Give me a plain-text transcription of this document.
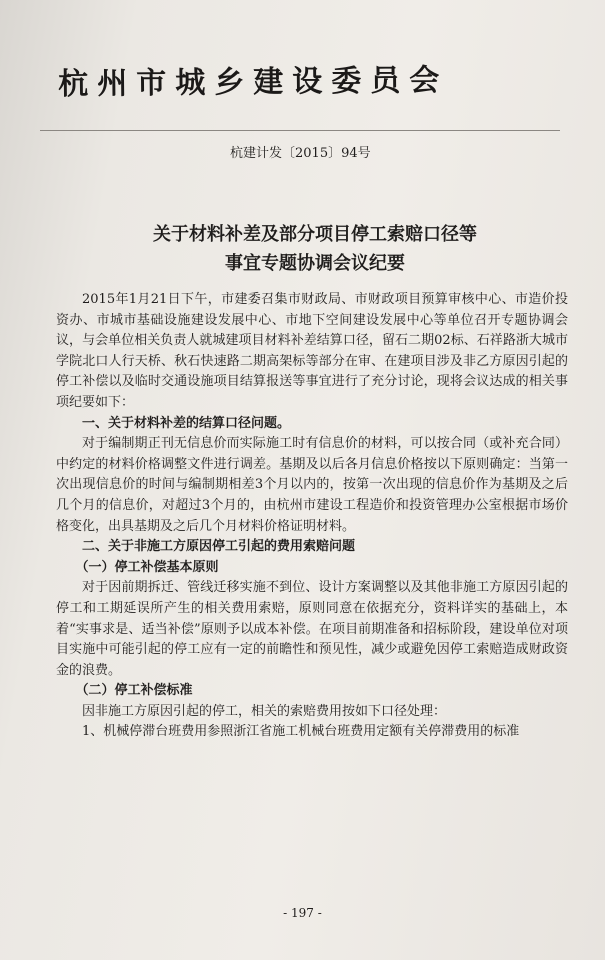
杭州市城乡建设委员会
杭建计发〔2015〕94号
关于材料补差及部分项目停工索赔口径等
事宜专题协调会议纪要

2015年1月21日下午，市建委召集市财政局、市财政项目预算审核中心、市造价投资办、市城市基础设施建设发展中心、市地下空间建设发展中心等单位召开专题协调会议，与会单位相关负责人就城建项目材料补差结算口径，留石二期02标、石祥路浙大城市学院北口人行天桥、秋石快速路二期高架标等部分在审、在建项目涉及非乙方原因引起的停工补偿以及临时交通设施项目结算报送等事宜进行了充分讨论，现将会议达成的相关事项纪要如下：

一、关于材料补差的结算口径问题。

对于编制期正刊无信息价而实际施工时有信息价的材料，可以按合同（或补充合同）中约定的材料价格调整文件进行调差。基期及以后各月信息价格按以下原则确定：当第一次出现信息价的时间与编制期相差3个月以内的，按第一次出现的信息价作为基期及之后几个月的信息价，对超过3个月的，由杭州市建设工程造价和投资管理办公室根据市场价格变化，出具基期及之后几个月材料价格证明材料。

二、关于非施工方原因停工引起的费用索赔问题

（一）停工补偿基本原则

对于因前期拆迁、管线迁移实施不到位、设计方案调整以及其他非施工方原因引起的停工和工期延误所产生的相关费用索赔，原则同意在依据充分，资料详实的基础上，本着“实事求是、适当补偿”原则予以成本补偿。在项目前期准备和招标阶段，建设单位对项目实施中可能引起的停工应有一定的前瞻性和预见性，减少或避免因停工索赔造成财政资金的浪费。

（二）停工补偿标准

因非施工方原因引起的停工，相关的索赔费用按如下口径处理：

1、机械停滞台班费用参照浙江省施工机械台班费用定额有关停滞费用的标准

- 197 -
